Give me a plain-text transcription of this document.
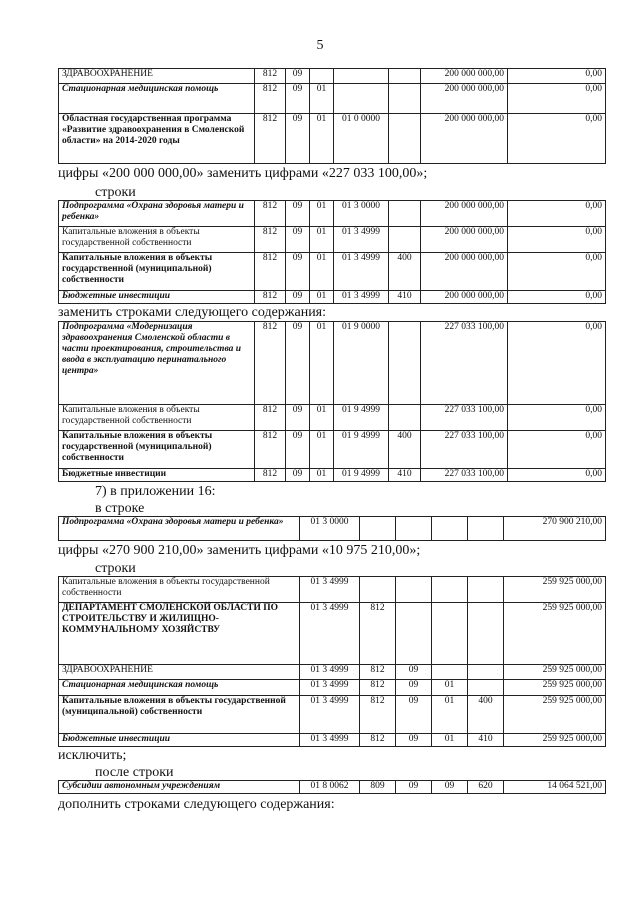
5
ЗДРАВООХРАНЕНИЕ	812	09				200 000 000,00	0,00
Стационарная медицинская помощь	812	09	01			200 000 000,00	0,00
Областная государственная программа «Развитие здравоохранения в Смоленской области» на 2014-2020 годы	812	09	01	01 0 0000		200 000 000,00	0,00
цифры «200 000 000,00» заменить цифрами «227 033 100,00»;
строки
Подпрограмма «Охрана здоровья матери и ребенка»	812	09	01	01 3 0000		200 000 000,00	0,00
Капитальные вложения в объекты государственной собственности	812	09	01	01 3 4999		200 000 000,00	0,00
Капитальные вложения в объекты государственной (муниципальной) собственности	812	09	01	01 3 4999	400	200 000 000,00	0,00
Бюджетные инвестиции	812	09	01	01 3 4999	410	200 000 000,00	0,00
заменить строками следующего содержания:
Подпрограмма «Модернизация здравоохранения Смоленской области в части проектирования, строительства и ввода в эксплуатацию перинатального центра»	812	09	01	01 9 0000		227 033 100,00	0,00
Капитальные вложения в объекты государственной собственности	812	09	01	01 9 4999		227 033 100,00	0,00
Капитальные вложения в объекты государственной (муниципальной) собственности	812	09	01	01 9 4999	400	227 033 100,00	0,00
Бюджетные инвестиции	812	09	01	01 9 4999	410	227 033 100,00	0,00
7) в приложении 16:
в строке
Подпрограмма «Охрана здоровья матери и ребенка»	01 3 0000					270 900 210,00
цифры «270 900 210,00» заменить цифрами «10 975 210,00»;
строки
Капитальные вложения в объекты государственной собственности	01 3 4999					259 925 000,00
ДЕПАРТАМЕНТ СМОЛЕНСКОЙ ОБЛАСТИ ПО СТРОИТЕЛЬСТВУ И ЖИЛИЩНО-КОММУНАЛЬНОМУ ХОЗЯЙСТВУ	01 3 4999	812				259 925 000,00
ЗДРАВООХРАНЕНИЕ	01 3 4999	812	09			259 925 000,00
Стационарная медицинская помощь	01 3 4999	812	09	01		259 925 000,00
Капитальные вложения в объекты государственной (муниципальной) собственности	01 3 4999	812	09	01	400	259 925 000,00
Бюджетные инвестиции	01 3 4999	812	09	01	410	259 925 000,00
исключить;
после строки
Субсидии автономным учреждениям	01 8 0062	809	09	09	620	14 064 521,00
дополнить строками следующего содержания:
